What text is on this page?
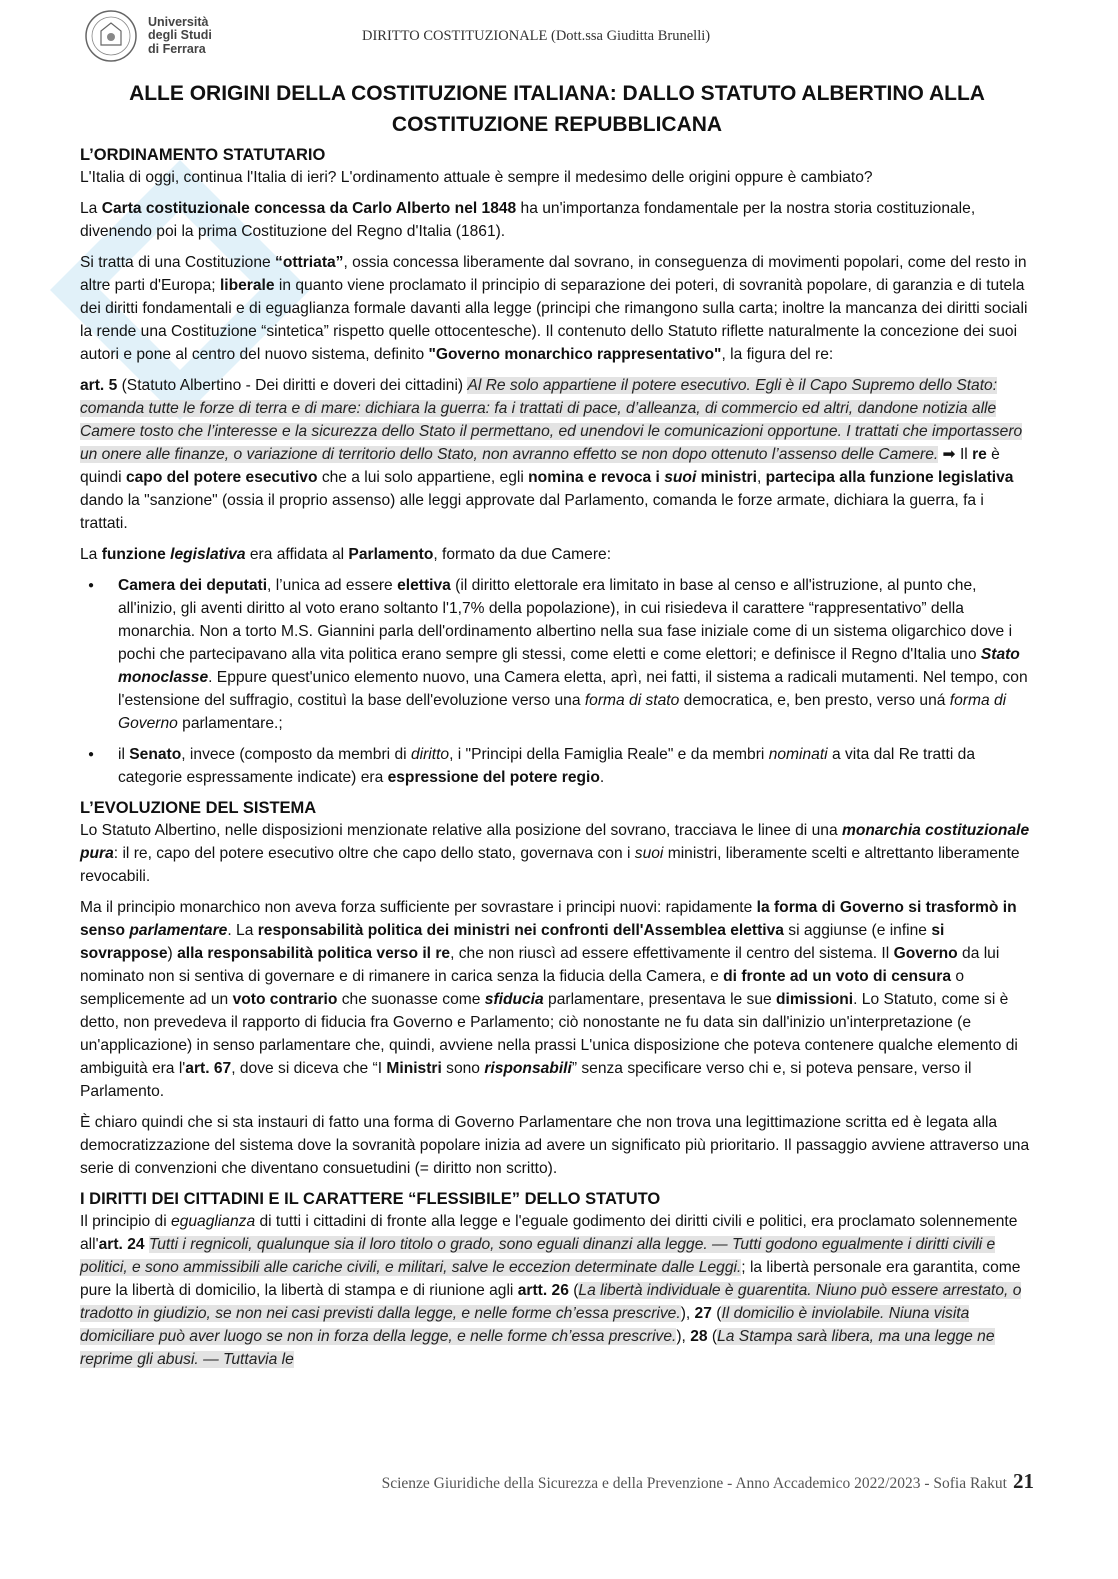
Università
degli Studi
di Ferrara
DIRITTO COSTITUZIONALE (Dott.ssa Giuditta Brunelli)
ALLE ORIGINI DELLA COSTITUZIONE ITALIANA: DALLO STATUTO ALBERTINO ALLA COSTITUZIONE REPUBBLICANA
L’ORDINAMENTO STATUTARIO

L'Italia di oggi, continua l'Italia di ieri? L'ordinamento attuale è sempre il medesimo delle origini oppure è cambiato?

La Carta costituzionale concessa da Carlo Alberto nel 1848 ha un'importanza fondamentale per la nostra storia costituzionale, divenendo poi la prima Costituzione del Regno d'Italia (1861).

Si tratta di una Costituzione “ottriata”, ossia concessa liberamente dal sovrano, in conseguenza di movimenti popolari, come del resto in altre parti d'Europa; liberale in quanto viene proclamato il principio di separazione dei poteri, di sovranità popolare, di garanzia e di tutela dei diritti fondamentali e di eguaglianza formale davanti alla legge (principi che rimangono sulla carta; inoltre la mancanza dei diritti sociali la rende una Costituzione “sintetica” rispetto quelle ottocentesche). Il contenuto dello Statuto riflette naturalmente la concezione dei suoi autori e pone al centro del nuovo sistema, definito "Governo monarchico rappresentativo", la figura del re:

art. 5 (Statuto Albertino - Dei diritti e doveri dei cittadini) Al Re solo appartiene il potere esecutivo. Egli è il Capo Supremo dello Stato: comanda tutte le forze di terra e di mare: dichiara la guerra: fa i trattati di pace, d’alleanza, di commercio ed altri, dandone notizia alle Camere tosto che l’interesse e la sicurezza dello Stato il permettano, ed unendovi le comunicazioni opportune. I trattati che importassero un onere alle finanze, o variazione di territorio dello Stato, non avranno effetto se non dopo ottenuto l’assenso delle Camere. ➡ Il re è quindi capo del potere esecutivo che a lui solo appartiene, egli nomina e revoca i suoi ministri, partecipa alla funzione legislativa dando la "sanzione" (ossia il proprio assenso) alle leggi approvate dal Parlamento, comanda le forze armate, dichiara la guerra, fa i trattati.

La funzione legislativa era affidata al Parlamento, formato da due Camere:

● Camera dei deputati, l’unica ad essere elettiva (il diritto elettorale era limitato in base al censo e all'istruzione, al punto che, all'inizio, gli aventi diritto al voto erano soltanto l'1,7% della popolazione), in cui risiedeva il carattere “rappresentativo” della monarchia. Non a torto M.S. Giannini parla dell'ordinamento albertino nella sua fase iniziale come di un sistema oligarchico dove i pochi che partecipavano alla vita politica erano sempre gli stessi, come eletti e come elettori; e definisce il Regno d'Italia uno Stato monoclasse. Eppure quest'unico elemento nuovo, una Camera eletta, aprì, nei fatti, il sistema a radicali mutamenti. Nel tempo, con l'estensione del suffragio, costituì la base dell'evoluzione verso una forma di stato democratica, e, ben presto, verso uná forma di Governo parlamentare.;
● il Senato, invece (composto da membri di diritto, i "Principi della Famiglia Reale" e da membri nominati a vita dal Re tratti da categorie espressamente indicate) era espressione del potere regio.
L’EVOLUZIONE DEL SISTEMA

Lo Statuto Albertino, nelle disposizioni menzionate relative alla posizione del sovrano, tracciava le linee di una monarchia costituzionale pura: il re, capo del potere esecutivo oltre che capo dello stato, governava con i suoi ministri, liberamente scelti e altrettanto liberamente revocabili.

Ma il principio monarchico non aveva forza sufficiente per sovrastare i principi nuovi: rapidamente la forma di Governo si trasformò in senso parlamentare. La responsabilità politica dei ministri nei confronti dell'Assemblea elettiva si aggiunse (e infine si sovrappose) alla responsabilità politica verso il re, che non riuscì ad essere effettivamente il centro del sistema. Il Governo da lui nominato non si sentiva di governare e di rimanere in carica senza la fiducia della Camera, e di fronte ad un voto di censura o semplicemente ad un voto contrario che suonasse come sfiducia parlamentare, presentava le sue dimissioni. Lo Statuto, come si è detto, non prevedeva il rapporto di fiducia fra Governo e Parlamento; ciò nonostante ne fu data sin dall'inizio un'interpretazione (e un'applicazione) in senso parlamentare che, quindi, avviene nella prassi L'unica disposizione che poteva contenere qualche elemento di ambiguità era l'art. 67, dove si diceva che “I Ministri sono risponsabili” senza specificare verso chi e, si poteva pensare, verso il Parlamento.

È chiaro quindi che si sta instauri di fatto una forma di Governo Parlamentare che non trova una legittimazione scritta ed è legata alla democratizzazione del sistema dove la sovranità popolare inizia ad avere un significato più prioritario. Il passaggio avviene attraverso una serie di convenzioni che diventano consuetudini (= diritto non scritto).

I DIRITTI DEI CITTADINI E IL CARATTERE “FLESSIBILE” DELLO STATUTO

Il principio di eguaglianza di tutti i cittadini di fronte alla legge e l'eguale godimento dei diritti civili e politici, era proclamato solennemente all'art. 24 Tutti i regnicoli, qualunque sia il loro titolo o grado, sono eguali dinanzi alla legge. — Tutti godono egualmente i diritti civili e politici, e sono ammissibili alle cariche civili, e militari, salve le eccezion determinate dalle Leggi.; la libertà personale era garantita, come pure la libertà di domicilio, la libertà di stampa e di riunione agli artt. 26 (La libertà individuale è guarentita. Niuno può essere arrestato, o tradotto in giudizio, se non nei casi previsti dalla legge, e nelle forme ch’essa prescrive.), 27 (Il domicilio è inviolabile. Niuna visita domiciliare può aver luogo se non in forza della legge, e nelle forme ch’essa prescrive.), 28 (La Stampa sarà libera, ma una legge ne reprime gli abusi. — Tuttavia le

Scienze Giuridiche della Sicurezza e della Prevenzione - Anno Accademico 2022/2023 - Sofia Rakut 21
